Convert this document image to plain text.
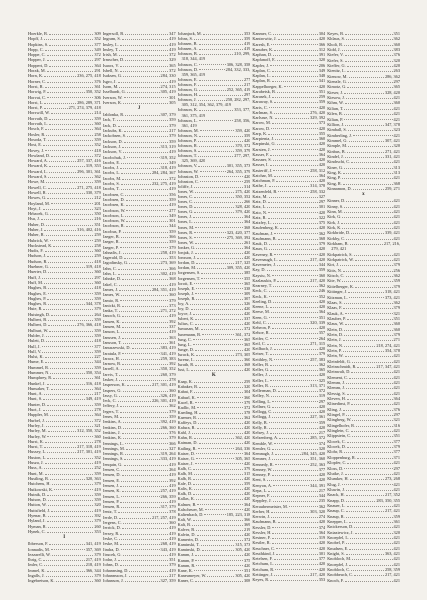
Hoerkle, B.	309
Hopff, J.	352
Hopkins, S.	377
Hopp, C.	349
Hoppe, C.	372
Hopper, J.	297
Hoppert, D.	364
Horak, M.	291
Horn, K.	236, 275, 418
Horner, C.	376
Horst, R.	361
Horwig, F.	350, 352
Horvat, C.	306
Horst, L.	286, 289, 371
Horst, P.	271, 274, 379, 418
Horswill, W.	214
Horvath, D.	359
Horvath, L.	360
Hosch, F.	364
Hosler, R.	258
Hosoda, T.	359
Host, E.	352
Hovey, J.	418
Howland, D.	372
Howard, A.	257, 337, 416
Howard, K.	319, 353
Howard, L.	296, 301, 361
Howard, S.	362
Howe, M.	359
Howell, C.	271, 275, 418
Howell, R.	330, 379
Howes, G.	212
Hoyland, M.	201
Hoyt, J.	323
Hrbacek, G.	350
Hsu, J.	216
Huber, D.	351
Huber, J.	316, 402, 416
Huber, R.	259
Hubrick, W.	259
Huckstead, K.	258
Hudis, F.	360
Hudson, J.	259
Hudson, R.	418
Huebner, G.	319, 418
Huerter, D.	360
Huff, J.	297
Huff, M.	360
Hughes, B.	418
Hughes, E.	359
Hughes, P.	359
Hughes, R.	344, 378
Huie, R.	379
Huisingh, D.	264
Hulbert, B.	359
Hulbert, D.	276, 366, 418
Hulburt, W.	359
Hulder, J.	359
Hulett, D.	418
Hull, J.	377
Hull, V.	359
Hulst, K.	227
Hume, E.	344
Hummel, R.	359
Hummer, N.	350, 354
Humphrey, R.	361
Hunkel, J.	316, 418
Hunsaker, T.	364
Hunt, A.	217
Hunt, S.	349, 419
Hunter, D.	359
Huot, J.	278
Huppler, M.	364
Hurbel, J.	372
Hurley, J.	321
Hurley, M.	312, 350, 352
Hurley, W.	360
Hurst, K.	278
Hurst, T.	217, 318, 419
Hussey, L.	217, 301, 419
Huston, L.	352
Husza, J.	419
Huss, A.	252
Hunt, M.	359
Hustling, B.	320, 363
Hutchens, H.	379
Hutkowski, K.	419
Hutnik, D.	359
Hutson, D.	359
Hutton, W.	320
Huttsfield, J.	419
Hyenar, B.	392
Hyland, J.	379
Hyman, R.	260
Hynek, C.	353
I
Ibberson, F.	341, 419
Ionnadis, M.	357, 369
Iezzarelli, W.	379
Ihrig, C.	217, 419
Imler, C.	218, 419
Immel, K.	366, 344
Ingalls, J.	379
Ingebretson, K.	360
Ingersoll, B.	347
Ingram, S.	419
Insley, L.	419
Insley, T.	419
Irish, M.	372
Irmscher, D.	329
Isaacs, V.	365
Isbell, N.	372
Isaksen, G.	284, 330
Isgro, J.	419
Isom, M.	274, 315
Isselhardt, G.	305, 419
Iverson, W.	301
Iverson, K.	305
J
Jablonka, R.	307, 379
Jack, T.	359
Jack, D.	379
Jackubs, K.	217
Jackobsen, S.	379
Jackson, D.	359
Jackson, J.	313, 319
Jackson, V.	419
Jacobchuk, J.	319, 352
Jacobs, E.	349
Jacobs, J.	318, 419
Jacobs, L.	284, 284, 367
Jacobs, M.	372
Jacobs, S.	232, 275, 419
Jacobs, T.	419
Jacobsen, C.	356
Jacobsen, D.	359
Jacobsen, K.	419
Jacobson, W.	277
Jacobson, L.	349
Jacobson, W.	301
Jacobson, R.	344
Jacobus, P.	359
Jaeger, B.	366
Jaeger, R.	359
Jaeger, P.	379
Jahnalis, J.	258, 419
Jagerald, D.	353
Jagodinsky, G.	273, 369
Jahn, C.	366
Jahn, L.	302, 419
Jahnke, D.	368
Jakel, C.	419
James, J.	284, 351, 419
James, W.	360
Jamio, R.	379
Janicki, R.	373
Janka, T.	271, 272
Janoch, G.	419
Jansen, K.	392
Jansen, M.	337
Janson, L.	419
Janssen, J.	363
Jansson, T.	361
Januszewski, D.	383, 419
Jaratula, F.	341, 419
Jaracz, H.	259, 383
Jarnow, B.	392
Jarrell, A.	350, 352
Jarvis, T.	260, 379
Jasker, J.	278
Jasperson, K.	217, 301, 419
Jaspers, G.	360
Jassy, G.	326, 419
Jeck, C.	226, 301, 419
Jeffery, J.	362
Jegers, T.	379
Jenes, M.	359
Jenkins, A.	392, 419
Jenkins, D.	266, 360
Jenkins, J.	376
Jenkins, K.	379
Jennings, L.	366
Jennings, M.	327
Jennings, R.	319, 264
Jennings, S.	333, 419
Jenquin, G.	419
Jensen, C.	264
Jensen, D.	419
Jensen, E.	392
Jensen, J.	419
Jensen, K.	257, 419
Jensen, L.	266, 359
Jensen, P.	419
Jensen, R.	317, 379
Jentz, T.	378
Jerde, D.	217, 257, 419
Jergens, C.	360
Jerrick, D.	419
Jersey, R.	419
Jeske, C.	419
Jeske, M.	268, 419
Jindra, D.	343, 419
Jirucek, G.	419
Jodar, J.	351
Johns, D.	379
Johannsing, D.	419
Johannsson, J.	217
Johanson, J.	327, 359
Johanjack, M.	353
Johns, S.	359
Johnsen, B.	419
Johnsen, A.	419
Johnson, B.	210, 299,
318, 344, 419
Johnson, C.	306, 328, 358
Johnson, D.	284, 332, 333,
359, 365, 419
Johnson, E.	277
Johnson, F.	217
Johnson, G.	252, 365, 419
Johnson, H.	297
Johnson, J.	258, 282, 297,
305, 312, 354, 362, 379, 419
Johnson, K.	353, 377,
361, 375, 419
Johnson, L.	258, 356,
361, 419
Johnson, M.	359, 420
Johnson, N.	359
Johnson, P.	420
Johnson, R.	370, 372
Johnson, S.	359, 379
Johnson, T.	277, 297,
325, 369, 420
Johnson, V.	301, 355, 373
Johnson, W.	264, 355, 379
Johnston, D.	420
Johnston, C.	259
Joliffe, J.	314
Jones, W.	275, 420
Jones, C.	350, 352
Jones, C.	266
Jones, D.	328, 420
Jones, G.	379, 420
Jones, J.	364
Jones, L.	364
Jones, M.	368
Jones, R.	323, 420, 377
Jones, S.	275, 369, 392
Jones, W.	261
Jonker, G.	364
Jonjak, J.	420
Jonsson, J.	420
Jordan, D.	217, 325
Jordan, M.	309, 355, 420
Jorgensen, S.	385
Jorgensen, T.	355
Jorott, E.	365
Joseph, E.	338
Joseph, J.	309
Joseph, R.	307
Joy, A.	326
Joy, D.	420
Joyce, J.	420
Jubert, K.	337
Julius, C.	420
Jumusan, M.	372
Junemann, B.	361, 372
Jung, C.	365
Jung, L.	365
Junge, D.	420
Jurack, K.	273, 305
Jurenz, L.	360
Jurath, R.	368
Just, L.	420
K
Kaap, K.	259
Kabaker, B.	320
Kabat, F.	304
Kaburl, K.	360
Kacel, R.	379
Kadlic, M.	372
Kaeding, H.	378
Kaemer, R.	362
Kaffeys, D.	420
Kafura, R.	420
Kahl, J.	420
Kahn, R.	362, 420
Kaiman, D.	420
Kailing, R.	264, 336
Kaiser, D.	364
Kaiser, G.	305, 365
Kaiser, J.	420
Kalb, C.	379
Kalb, M.	315
Kalb, R.	420
Kale, D.	359
Kalis, K.	420
Kalk, D.	420
Kallas, K.	420
Kalmer, B.	364
Kalscheuer, M.	420
Kaltenbach, D.	185, 223, 318
Kalt, W.	366
Kalt, B.	369
Kalver, B.	219
Kalvin, D.	420
Kamerin, D.	372
Kaminski, T.	315, 373
Kaminski, D.	305, 420
Kamm, J.	420
Kamm, P.	375
Kamm, R.	420
Kane, K.	351
Kaneumeyer, W.	305, 420
Kaner, C.	308
Kanmer, C.	304
Kantrowitz, J.	420
Karesh, E.	366
Kanuber, K.	312
Kaphan, D.	391
Kapfanoff, E.	320
Kapfer, J.	206
Kaplan, C.	349
Kaplan, L.	348
Kaplan, R.	341
Kappelhoeger, K.	420
Karabetsk, B.	351
Karasek, J.	259
Karaway, S.	359
Karis, C.	420
Karlman, S.	276, 420
Karlsrue, N.	329, 392
Karow, M.	373
Karow, D.	420
Karp, K.	355
Karpienia, J.	360
Karpinski, G.	420
Karsten, J.	420
Kasser, F.	364
Kassner, S.	420
Kasser, I.	420
Kasteriff, J.	258, 312
Katchar, M.	364
Katchman, F.	420
Kathe, J.	314, 378
Katzenfeld, B.	258, 332
Katz, M.	327
Katz, D.	297
Katz, L.	301
Kato, N.	420
Katz, R.	322
Katzfey, L.	375
Kaufenberg, K.	420
Kaufman, J.	362
Kaufmann, B.	368
Kauk, D.	379
Kaun, G.	420
Kaveney, R.	420
Kavenaugh, L.	217, 420
Kavemeier, J.	344
Kay, D.	359
Kaysiu, N.	360
Kazlauskis, P.	217, 420
Kearney, T.	362
Keck, C.	246
Keck, K.	352
Keeling, D.	420
Keene, L.	420
Keese, M.	364
Keen, G.	351
Kehl, C.	320, 339
Keheon, P.	420
Kehoe, R.	357
Keifer, C.	264
Keil, C.	271, 315
Keilbach, J.	420
Keiser, T.	379
Keithley, N.	257, 383
Keller, B.	362
Keller, G.	365
Keller, J.	420
Keller, L.	325
Keller, R.	313, 371
Kellerman, D.	372
Kelley, N.	319
Kelling, L.	297
Kellner, G.	420
Kellogg, C.	420
Kellogg, J.	227, 361
Kelly, B.	359
Kelly, R.	420
Kelsey, J.	217
Kelzenberg, A.	285, 372
Kemble, W.	374
Kemler, G.	320
Kemnagh, J.	284, 345, 420
Kemner, J.	351, 360
Kennedy, R.	252, 363
Kenney, W.	377
Kenney, P.	420
Kent, S.	420
Kenyon, A.	344, 391
Kepa, L.	217
Kepner, F.	344
Keppley, J.	235
Keraubermeister, M.	362
Kerber, H.	303, 320
Kerwin, J.	274
Kaufmann, B.	420
Kessler, D.	374
Kessler, H.	364
Kestner, F.	319
Kestler, R.	420
Keuchner, C.	420
Keuthkind, J.	301
Ketelsen, F.	377
Ketchum, L.	420
Ketchum, R.	420
Kettinger, J.	217, 420
Keyes, R.	353
Keyes, B.	351
Khlaus, S.	362
Kholi, R.	360
Kidd, J.	383
Kiefer, V.	376
Kiefer, S.	320
Kieffer, G.	420
Kienitz, L.	263
Kienow, M.	286, 362
Kienzle, G.	297
Kimotz, G.	365
Kieser, J.	328, 420
Kiesow, J.	421
Kihm, W.	360
Kilian, T.	421
Kilen, B.	421
Kilian, P.	421
Killion, J.	347, 378
Kimball, S.	323
Kimberling, J.	421
Kimmel, G.	307, 421
Kimple, M.	320
Kinbus, B.	271, 421
Kindel, J.	331, 421
Kindrschi, C.	421
Kiner, G.	313
King, K.	313
King, P.	421
King, R.	368
Kinnamon, D.	259, 271
x
Kinner, D.	421
Kinny, S.	421
Kinn, M.	421
Kirk, G.	421
Kirk, J.	421
Kirk, K.	421
Kirkbride, D.	339, 421
Kirkby, C.	421
Kirkham, B.	217, 216,
279, 421
Kirkpatrick, S.	421
Kirkpatrick, W.	421
Kirt, J.	379
Kitts, N.	256
Kitsch, C.	362
Kite, W.	359
Kittelberger, K.	379
Kittinger, J.	318, 421
Kitzman, L.	373, 421
Klaas, S.	362
Klaas, F.	379
Klauk, A.	321
Klauber, P.	351
Klaus, W.	360
Klein, D.	360
Klein, D.	379
Klein, J.	271
Klein, N.	218, 274, 421
Klein, P.	354, 378
Klein, W.	421
Kleinfeldt, G.	421
Kleinschmidt, R.	217, 347, 421
Kleinwalt, D.	421
Klement, C.	421
Klemm, J.	421
Klemm, J.	421
Klessig, S.	421
Kleven, H.	364
Klinedinst, P.	421
Kling, J.	376
Klingel, P.	297
Klingberg, W.	321
Klingelhofer, R.	316
Klinglein, C.	421
Klippstein, C.	351
Klocek, C.	377
Klocek, D.	379
Klohr, R.	377
Kloppenburg, R.	371
Klopfer, C.	421
Kloss, D.	297
Klutke, J.	421
Klumker, H.	273, 268
Klug, J.	421
Kluwin, J.	421
Knack, H.	217, 352
Knapp, D.	283, 350, 355
Knauer, L.	421
Knaup, C.	217, 421
Knaup, R.	359
Knepper, L.	361
Knickerson, D.	421
Kniaziewicz, J.	320
Knoepfel, L.	421
Knobel, P.	421
Knudsen, E.	421
Knight, S.	363, 421
Knobloch, M.	421
Knoepfel, J.	421
Knobloch, C.	258, 359
Knobbeuch, C.	217, 421
Knoch, F.	421
